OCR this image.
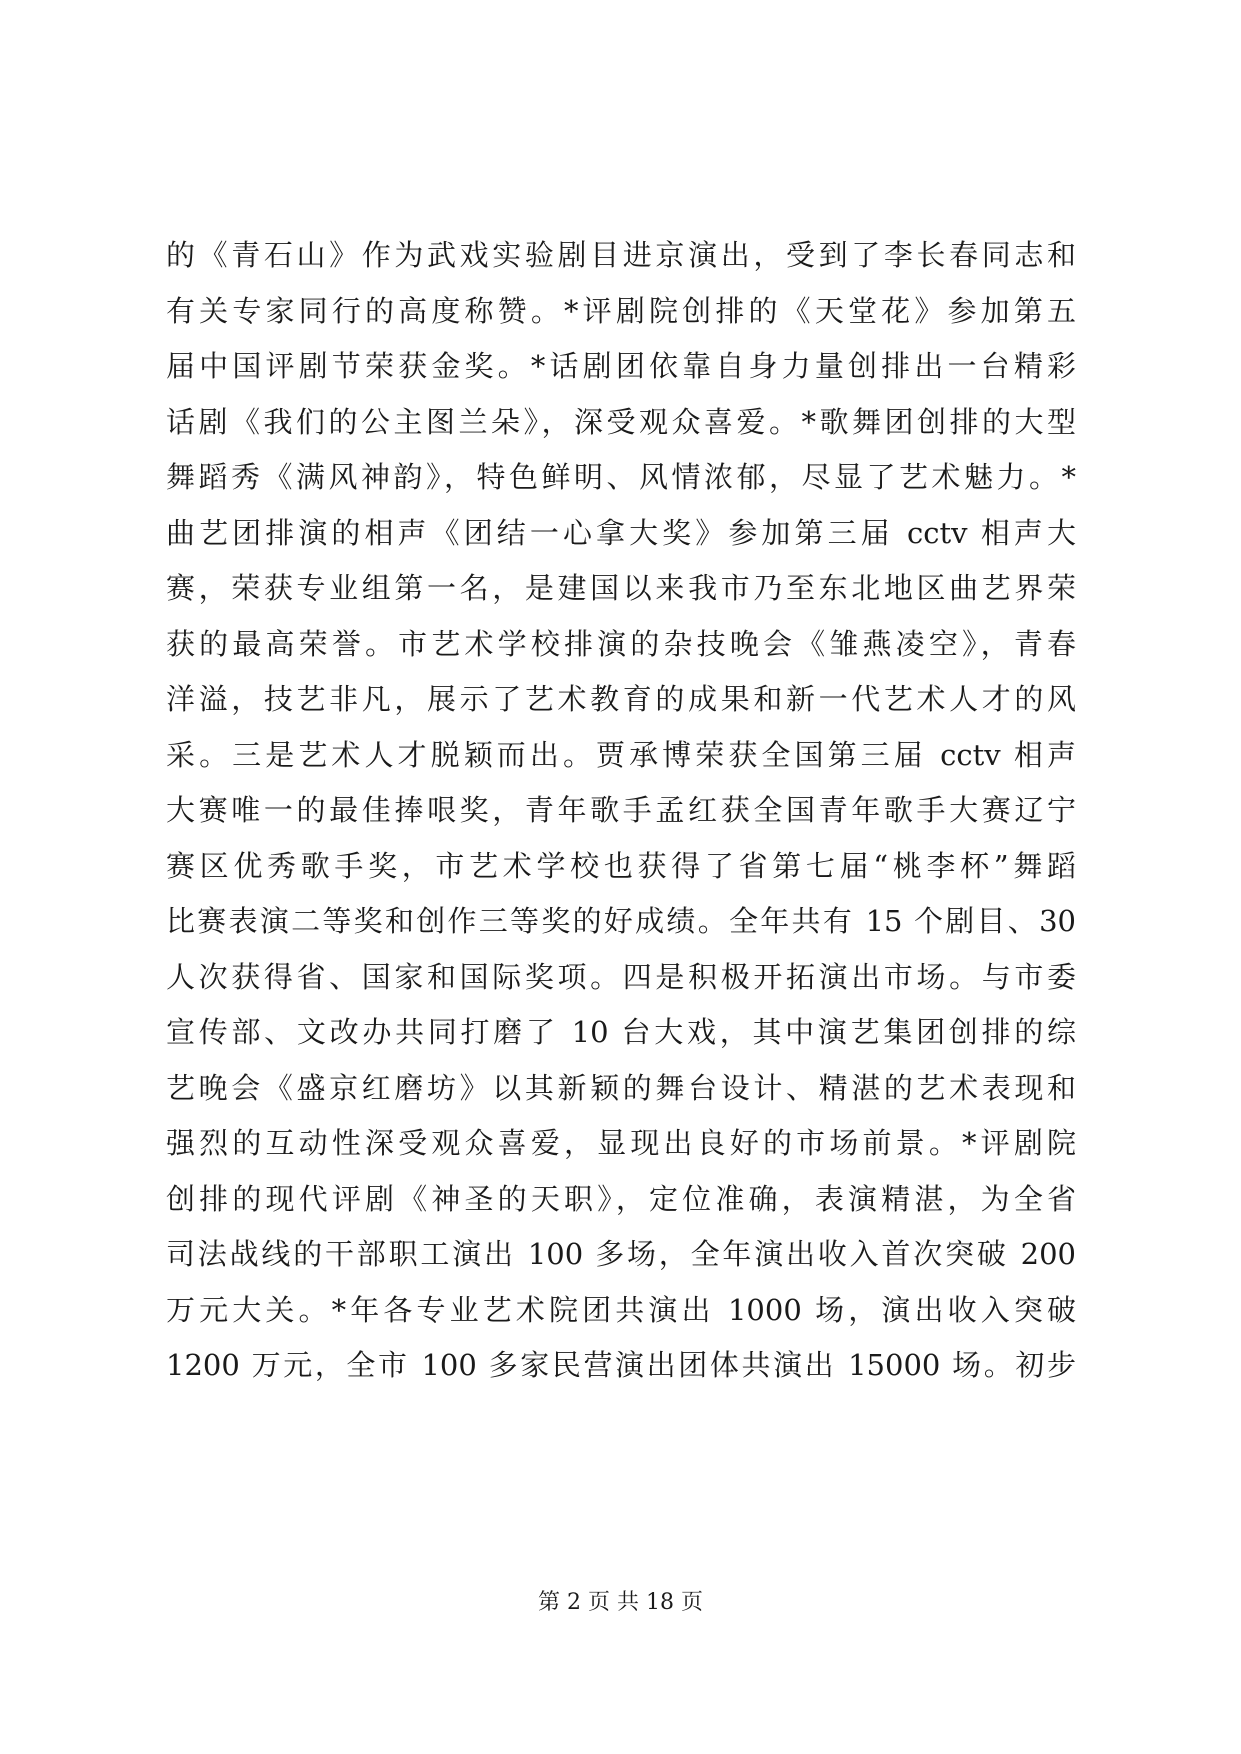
的《青石山》作为武戏实验剧目进京演出，受到了李长春同志和
有关专家同行的高度称赞。*评剧院创排的《天堂花》参加第五
届中国评剧节荣获金奖。*话剧团依靠自身力量创排出一台精彩
话剧《我们的公主图兰朵》，深受观众喜爱。*歌舞团创排的大型
舞蹈秀《满风神韵》，特色鲜明、风情浓郁，尽显了艺术魅力。*
曲艺团排演的相声《团结一心拿大奖》参加第三届 cctv 相声大
赛，荣获专业组第一名，是建国以来我市乃至东北地区曲艺界荣
获的最高荣誉。市艺术学校排演的杂技晚会《雏燕凌空》，青春
洋溢，技艺非凡，展示了艺术教育的成果和新一代艺术人才的风
采。三是艺术人才脱颖而出。贾承博荣获全国第三届 cctv 相声
大赛唯一的最佳捧哏奖，青年歌手孟红获全国青年歌手大赛辽宁
赛区优秀歌手奖，市艺术学校也获得了省第七届“桃李杯”舞蹈
比赛表演二等奖和创作三等奖的好成绩。全年共有 15 个剧目、30
人次获得省、国家和国际奖项。四是积极开拓演出市场。与市委
宣传部、文改办共同打磨了 10 台大戏，其中演艺集团创排的综
艺晚会《盛京红磨坊》以其新颖的舞台设计、精湛的艺术表现和
强烈的互动性深受观众喜爱，显现出良好的市场前景。*评剧院
创排的现代评剧《神圣的天职》，定位准确，表演精湛，为全省
司法战线的干部职工演出 100 多场，全年演出收入首次突破 200
万元大关。*年各专业艺术院团共演出 1000 场，演出收入突破
1200 万元，全市 100 多家民营演出团体共演出 15000 场。初步
第 2 页 共 18 页
